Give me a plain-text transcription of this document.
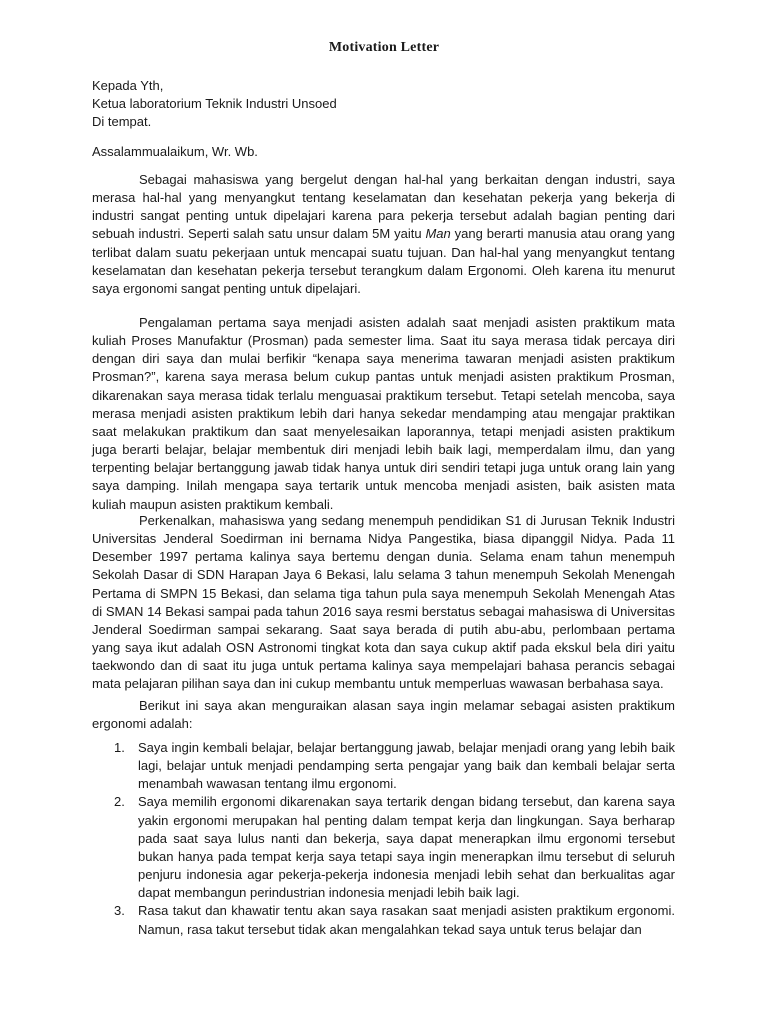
Motivation Letter
Kepada Yth,
Ketua laboratorium Teknik Industri Unsoed
Di tempat.
Assalammualaikum, Wr. Wb.

Sebagai mahasiswa yang bergelut dengan hal-hal yang berkaitan dengan industri, saya merasa hal-hal yang menyangkut tentang keselamatan dan kesehatan pekerja yang bekerja di industri sangat penting untuk dipelajari karena para pekerja tersebut adalah bagian penting dari sebuah industri. Seperti salah satu unsur dalam 5M yaitu Man yang berarti manusia atau orang yang terlibat dalam suatu pekerjaan untuk mencapai suatu tujuan. Dan hal-hal yang menyangkut tentang keselamatan dan kesehatan pekerja tersebut terangkum dalam Ergonomi. Oleh karena itu menurut saya ergonomi sangat penting untuk dipelajari.

Pengalaman pertama saya menjadi asisten adalah saat menjadi asisten praktikum mata kuliah Proses Manufaktur (Prosman) pada semester lima. Saat itu saya merasa tidak percaya diri dengan diri saya dan mulai berfikir “kenapa saya menerima tawaran menjadi asisten praktikum Prosman?”, karena saya merasa belum cukup pantas untuk menjadi asisten praktikum Prosman, dikarenakan saya merasa tidak terlalu menguasai praktikum tersebut. Tetapi setelah mencoba, saya merasa menjadi asisten praktikum lebih dari hanya sekedar mendamping atau mengajar praktikan saat melakukan praktikum dan saat menyelesaikan laporannya, tetapi menjadi asisten praktikum juga berarti belajar, belajar membentuk diri menjadi lebih baik lagi, memperdalam ilmu, dan yang terpenting belajar bertanggung jawab tidak hanya untuk diri sendiri tetapi juga untuk orang lain yang saya damping. Inilah mengapa saya tertarik untuk mencoba menjadi asisten, baik asisten mata kuliah maupun asisten praktikum kembali.

Perkenalkan, mahasiswa yang sedang menempuh pendidikan S1 di Jurusan Teknik Industri Universitas Jenderal Soedirman ini bernama Nidya Pangestika, biasa dipanggil Nidya. Pada 11 Desember 1997 pertama kalinya saya bertemu dengan dunia. Selama enam tahun menempuh Sekolah Dasar di SDN Harapan Jaya 6 Bekasi, lalu selama 3 tahun menempuh Sekolah Menengah Pertama di SMPN 15 Bekasi, dan selama tiga tahun pula saya menempuh Sekolah Menengah Atas di SMAN 14 Bekasi sampai pada tahun 2016 saya resmi berstatus sebagai mahasiswa di Universitas Jenderal Soedirman sampai sekarang. Saat saya berada di putih abu-abu, perlombaan pertama yang saya ikut adalah OSN Astronomi tingkat kota dan saya cukup aktif pada ekskul bela diri yaitu taekwondo dan di saat itu juga untuk pertama kalinya saya mempelajari bahasa perancis sebagai mata pelajaran pilihan saya dan ini cukup membantu untuk memperluas wawasan berbahasa saya.

Berikut ini saya akan menguraikan alasan saya ingin melamar sebagai asisten praktikum ergonomi adalah:

1. Saya ingin kembali belajar, belajar bertanggung jawab, belajar menjadi orang yang lebih baik lagi, belajar untuk menjadi pendamping serta pengajar yang baik dan kembali belajar serta menambah wawasan tentang ilmu ergonomi.
2. Saya memilih ergonomi dikarenakan saya tertarik dengan bidang tersebut, dan karena saya yakin ergonomi merupakan hal penting dalam tempat kerja dan lingkungan. Saya berharap pada saat saya lulus nanti dan bekerja, saya dapat menerapkan ilmu ergonomi tersebut bukan hanya pada tempat kerja saya tetapi saya ingin menerapkan ilmu tersebut di seluruh penjuru indonesia agar pekerja-pekerja indonesia menjadi lebih sehat dan berkualitas agar dapat membangun perindustrian indonesia menjadi lebih baik lagi.
3. Rasa takut dan khawatir tentu akan saya rasakan saat menjadi asisten praktikum ergonomi. Namun, rasa takut tersebut tidak akan mengalahkan tekad saya untuk terus belajar dan
